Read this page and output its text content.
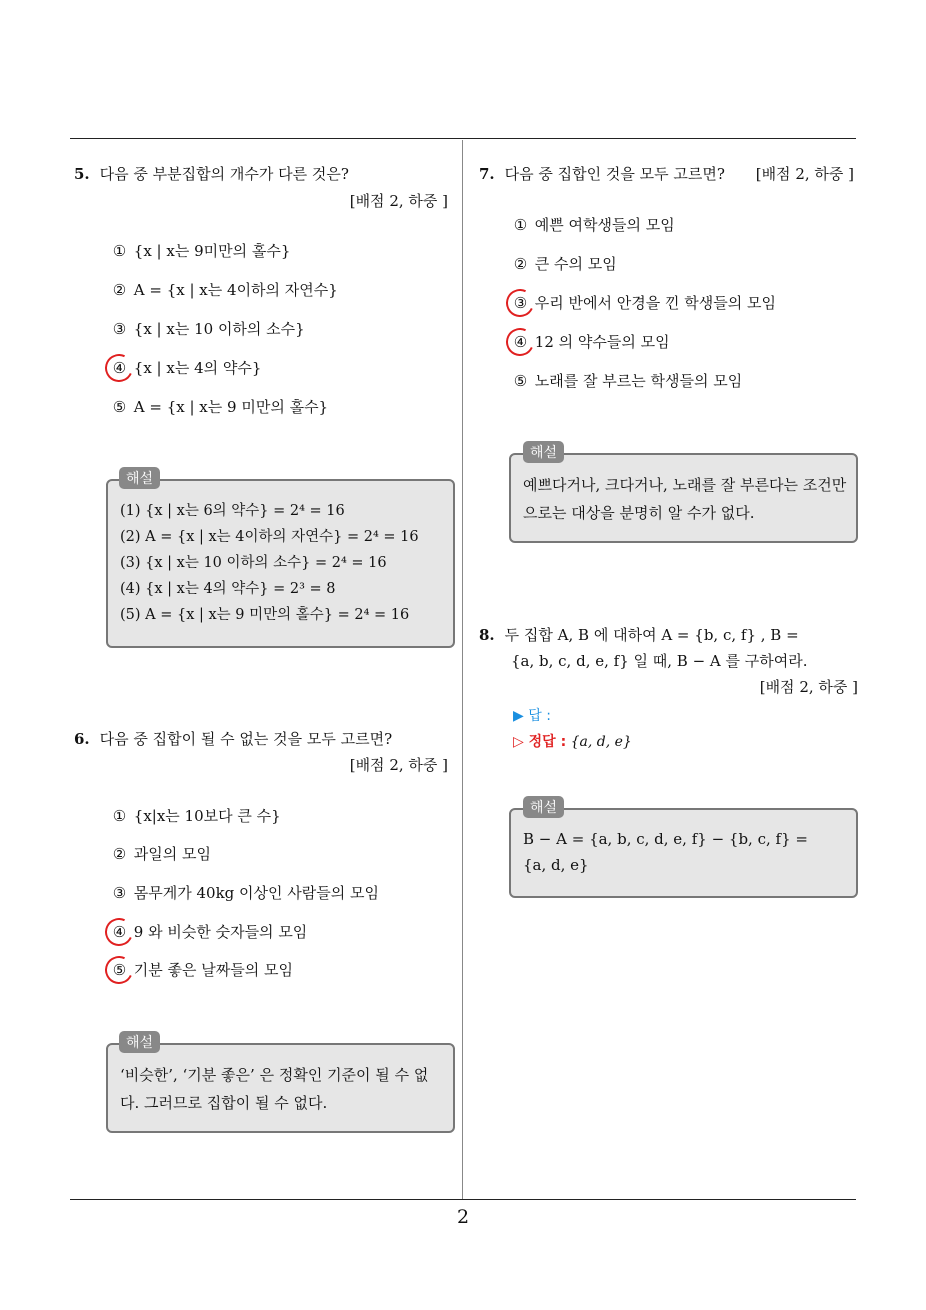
5. 다음 중 부분집합의 개수가 다른 것은?
[배점 2, 하중 ]
① {x | x는 9미만의 홀수}
② A = {x | x는 4이하의 자연수}
③ {x | x는 10 이하의 소수}
④ {x | x는 4의 약수}
⑤ A = {x | x는 9 미만의 홀수}
(1) {x | x는 6의 약수} = 2⁴ = 16
(2) A = {x | x는 4이하의 자연수} = 2⁴ = 16
(3) {x | x는 10 이하의 소수} = 2⁴ = 16
(4) {x | x는 4의 약수} = 2³ = 8
(5) A = {x | x는 9 미만의 홀수} = 2⁴ = 16
해설
6. 다음 중 집합이 될 수 없는 것을 모두 고르면?
[배점 2, 하중 ]
① {x|x는 10보다 큰 수}
② 과일의 모임
③ 몸무게가 40kg 이상인 사람들의 모임
④ 9 와 비슷한 숫자들의 모임
⑤ 기분 좋은 날짜들의 모임
‘비슷한’, ‘기분 좋은’ 은 정확인 기준이 될 수 없다. 그러므로 집합이 될 수 없다.
해설
7. 다음 중 집합인 것을 모두 고르면?	[배점 2, 하중 ]
① 예쁜 여학생들의 모임
② 큰 수의 모임
③ 우리 반에서 안경을 낀 학생들의 모임
④ 12 의 약수들의 모임
⑤ 노래를 잘 부르는 학생들의 모임
예쁘다거나, 크다거나, 노래를 잘 부른다는 조건만으로는 대상을 분명히 알 수가 없다.
해설
8. 두 집합 A, B 에 대하여 A = {b, c, f} , B =
{a, b, c, d, e, f} 일 때, B − A 를 구하여라.
[배점 2, 하중 ]
▶ 답 :
▷ 정답 : {a, d, e}
B − A = {a, b, c, d, e, f} − {b, c, f} =
{a, d, e}
해설
2
